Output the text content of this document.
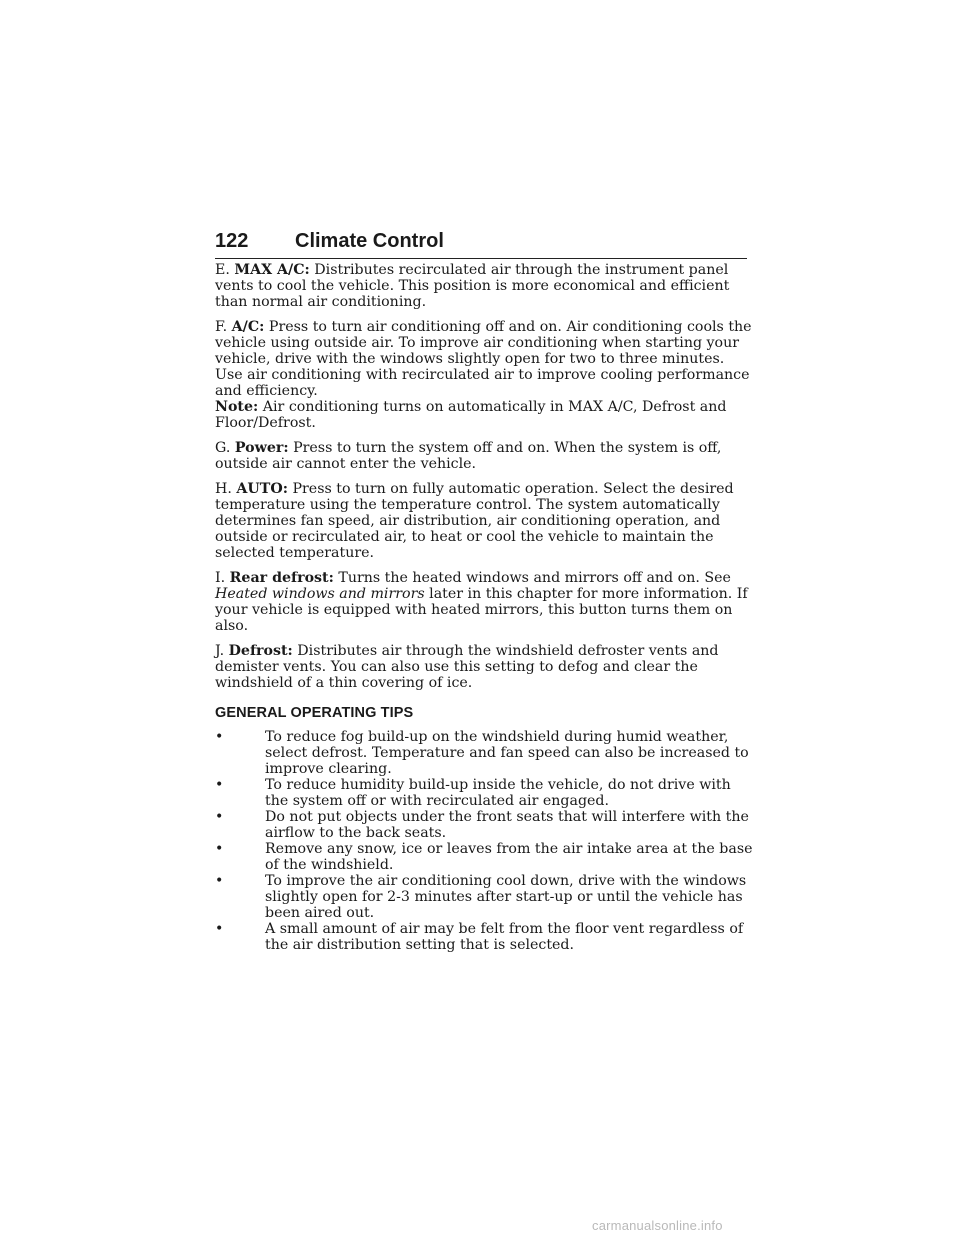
122	Climate Control

E. MAX A/C: Distributes recirculated air through the instrument panel vents to cool the vehicle. This position is more economical and efficient than normal air conditioning.

F. A/C: Press to turn air conditioning off and on. Air conditioning cools the vehicle using outside air. To improve air conditioning when starting your vehicle, drive with the windows slightly open for two to three minutes.

Use air conditioning with recirculated air to improve cooling performance and efficiency.

Note: Air conditioning turns on automatically in MAX A/C, Defrost and Floor/Defrost.

G. Power: Press to turn the system off and on. When the system is off, outside air cannot enter the vehicle.

H. AUTO: Press to turn on fully automatic operation. Select the desired temperature using the temperature control. The system automatically determines fan speed, air distribution, air conditioning operation, and outside or recirculated air, to heat or cool the vehicle to maintain the selected temperature.

I. Rear defrost: Turns the heated windows and mirrors off and on. See Heated windows and mirrors later in this chapter for more information. If your vehicle is equipped with heated mirrors, this button turns them on also.

J. Defrost: Distributes air through the windshield defroster vents and demister vents. You can also use this setting to defog and clear the windshield of a thin covering of ice.

GENERAL OPERATING TIPS
•	To reduce fog build-up on the windshield during humid weather, select defrost. Temperature and fan speed can also be increased to improve clearing.
•	To reduce humidity build-up inside the vehicle, do not drive with the system off or with recirculated air engaged.
•	Do not put objects under the front seats that will interfere with the airflow to the back seats.
•	Remove any snow, ice or leaves from the air intake area at the base of the windshield.
•	To improve the air conditioning cool down, drive with the windows slightly open for 2-3 minutes after start-up or until the vehicle has been aired out.
•	A small amount of air may be felt from the floor vent regardless of the air distribution setting that is selected.
carmanualsonline.info
